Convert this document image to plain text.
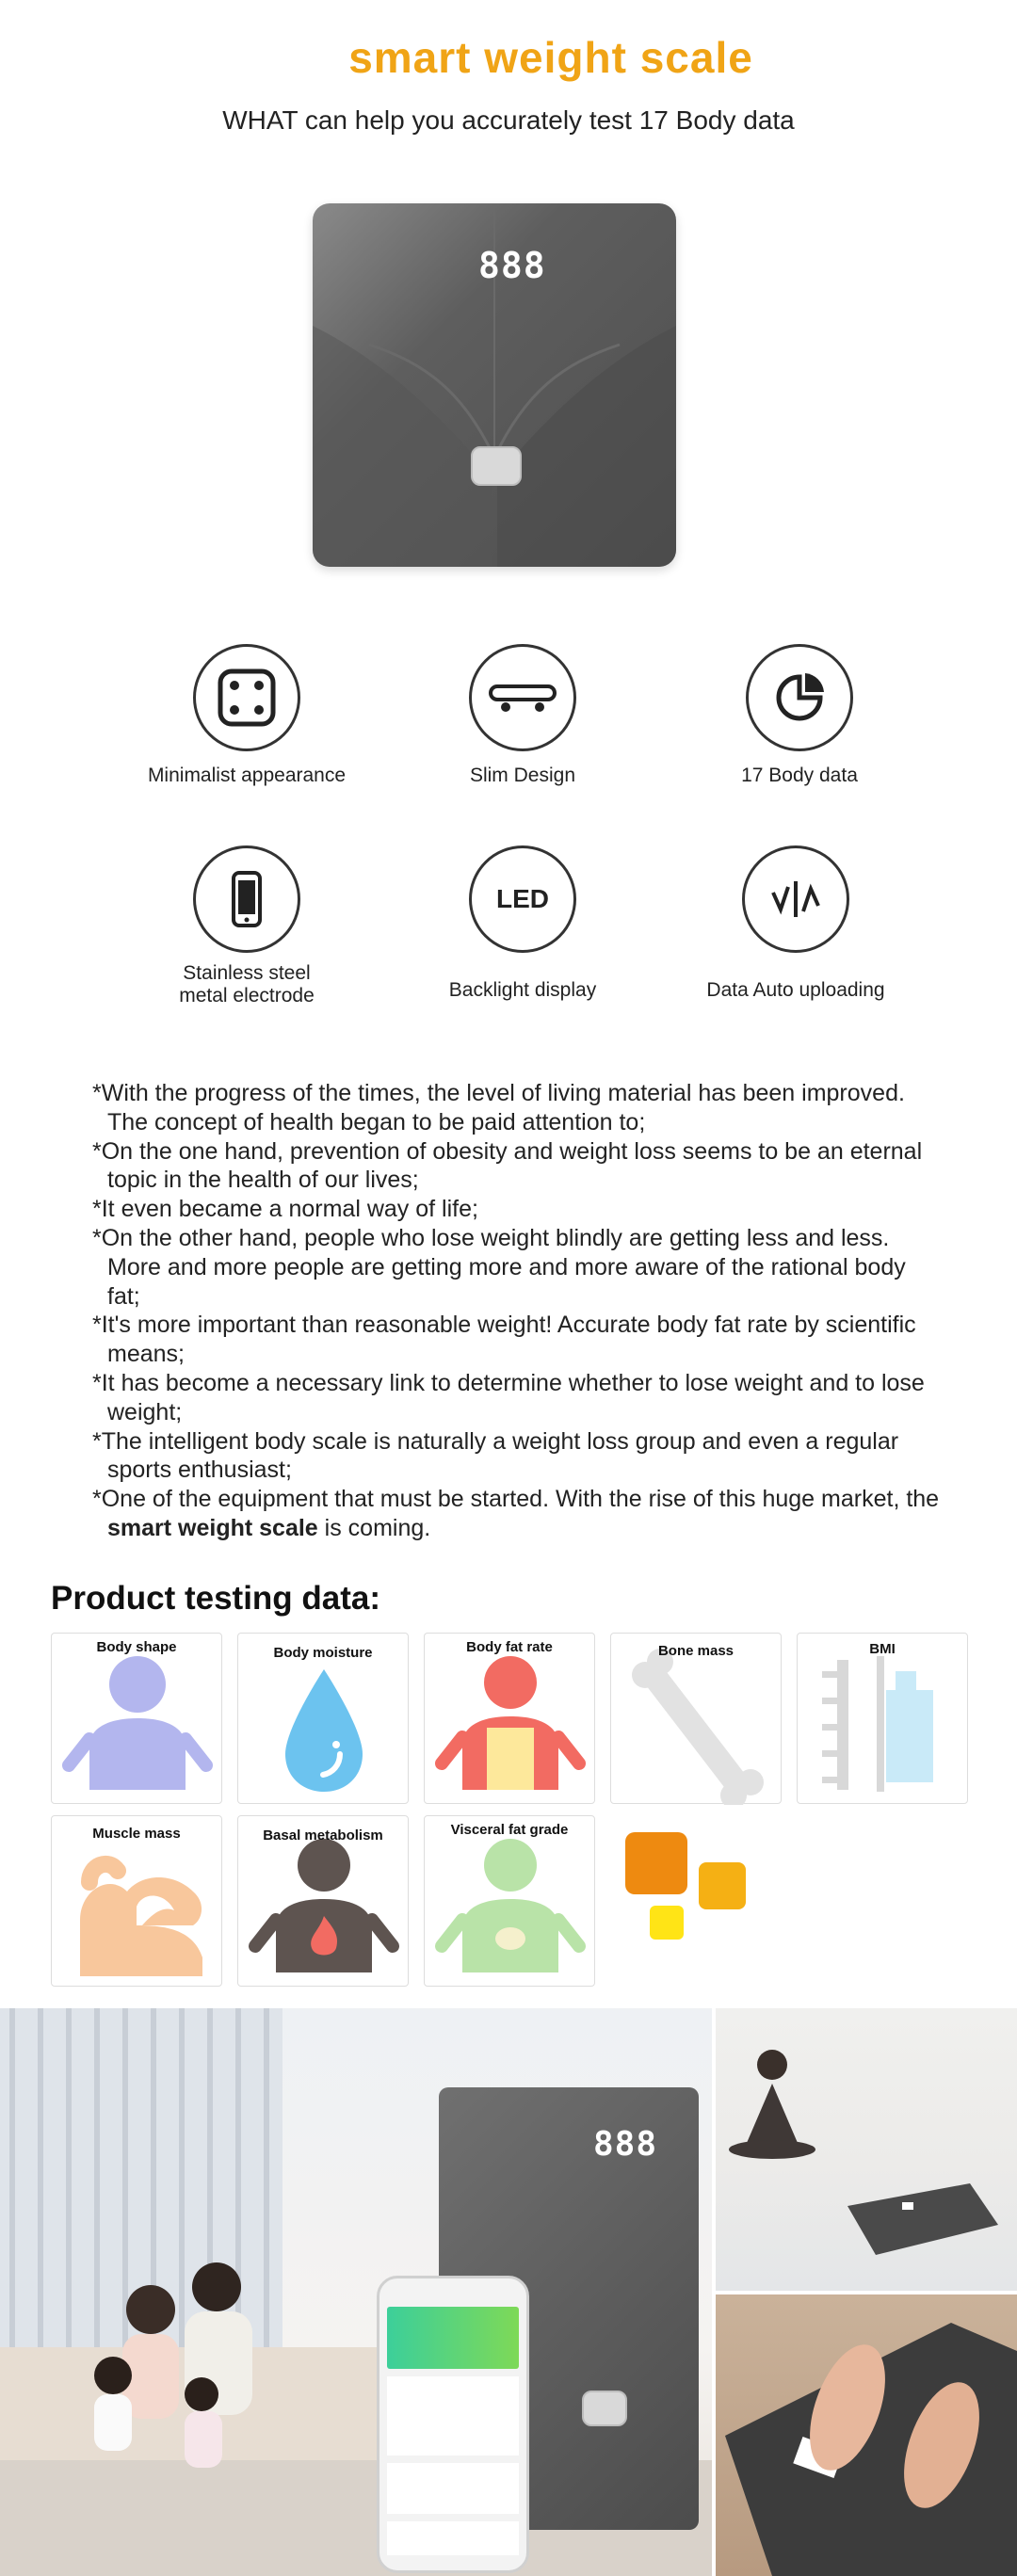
smart weight scale
WHAT can help you accurately test 17 Body data
888
Minimalist appearance	Slim Design	17 Body data
Stainless steel
metal electrode
LED
Backlight display	Data Auto uploading

*With the progress of the times, the level of living material has been improved. The concept of health began to be paid attention to;

*On the one hand, prevention of obesity and weight loss seems to be an eternal topic in the health of our lives;

*It even became a normal way of life;

*On the other hand, people who lose weight blindly are getting less and less. More and more people are getting more and more aware of the rational body fat;

*It's more important than reasonable weight! Accurate body fat rate by scientific means;

*It has become a necessary link to determine whether to lose weight and to lose weight;

*The intelligent body scale is naturally a weight loss group and even a regular sports enthusiast;

*One of the equipment that must be started. With the rise of this huge market, the smart weight scale is coming.

Product testing data:
Body shape	Body moisture	Body fat rate	Bone mass	BMI
Muscle mass	Basal metabolism	Visceral fat grade
888
